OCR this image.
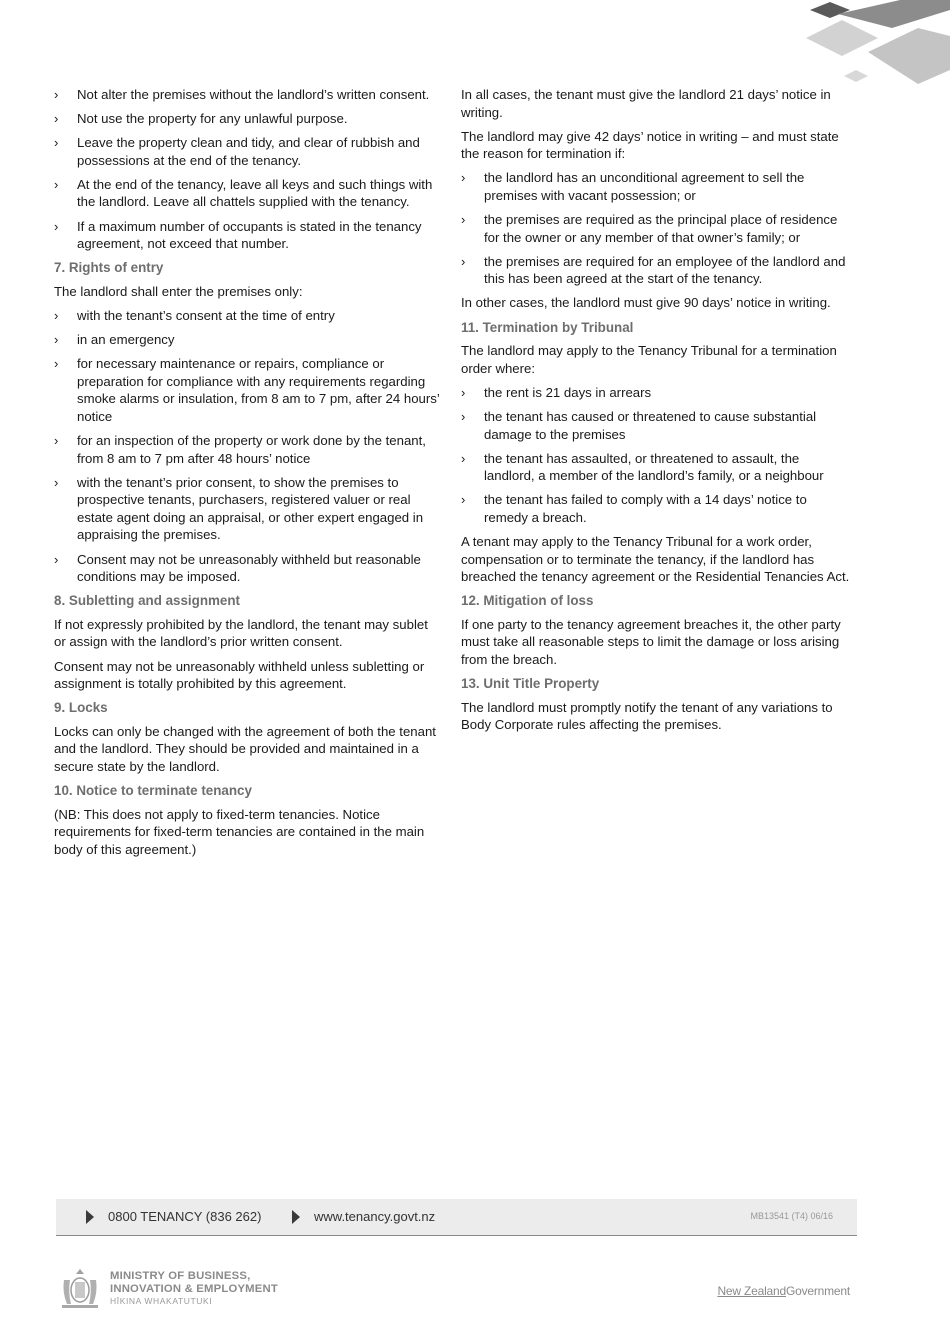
› Not alter the premises without the landlord’s written consent.
› Not use the property for any unlawful purpose.
› Leave the property clean and tidy, and clear of rubbish and possessions at the end of the tenancy.
› At the end of the tenancy, leave all keys and such things with the landlord. Leave all chattels supplied with the tenancy.
› If a maximum number of occupants is stated in the tenancy agreement, not exceed that number.
7. Rights of entry

The landlord shall enter the premises only:

› with the tenant’s consent at the time of entry
› in an emergency
› for necessary maintenance or repairs, compliance or preparation for compliance with any requirements regarding smoke alarms or insulation, from 8 am to 7 pm, after 24 hours’ notice
› for an inspection of the property or work done by the tenant, from 8 am to 7 pm after 48 hours’ notice
› with the tenant’s prior consent, to show the premises to prospective tenants, purchasers, registered valuer or real estate agent doing an appraisal, or other expert engaged in appraising the premises.
› Consent may not be unreasonably withheld but reasonable conditions may be imposed.
8. Subletting and assignment

If not expressly prohibited by the landlord, the tenant may sublet or assign with the landlord’s prior written consent.

Consent may not be unreasonably withheld unless subletting or assignment is totally prohibited by this agreement.

9. Locks

Locks can only be changed with the agreement of both the tenant and the landlord. They should be provided and maintained in a secure state by the landlord.

10. Notice to terminate tenancy

(NB: This does not apply to fixed-term tenancies. Notice requirements for fixed-term tenancies are contained in the main body of this agreement.)

In all cases, the tenant must give the landlord 21 days’ notice in writing.

The landlord may give 42 days’ notice in writing – and must state the reason for termination if:

› the landlord has an unconditional agreement to sell the premises with vacant possession; or
› the premises are required as the principal place of residence for the owner or any member of that owner’s family; or
› the premises are required for an employee of the landlord and this has been agreed at the start of the tenancy.

In other cases, the landlord must give 90 days’ notice in writing.

11. Termination by Tribunal

The landlord may apply to the Tenancy Tribunal for a termination order where:

› the rent is 21 days in arrears
› the tenant has caused or threatened to cause substantial damage to the premises
› the tenant has assaulted, or threatened to assault, the landlord, a member of the landlord’s family, or a neighbour
› the tenant has failed to comply with a 14 days’ notice to remedy a breach.

A tenant may apply to the Tenancy Tribunal for a work order, compensation or to terminate the tenancy, if the landlord has breached the tenancy agreement or the Residential Tenancies Act.

12. Mitigation of loss

If one party to the tenancy agreement breaches it, the other party must take all reasonable steps to limit the damage or loss arising from the breach.

13. Unit Title Property

The landlord must promptly notify the tenant of any variations to Body Corporate rules affecting the premises.

0800 TENANCY (836 262)	www.tenancy.govt.nz	MB13541 (T4) 06/16
MINISTRY OF BUSINESS,
INNOVATION & EMPLOYMENT
HĪKINA WHAKATUTUKI
New ZealandGovernment
